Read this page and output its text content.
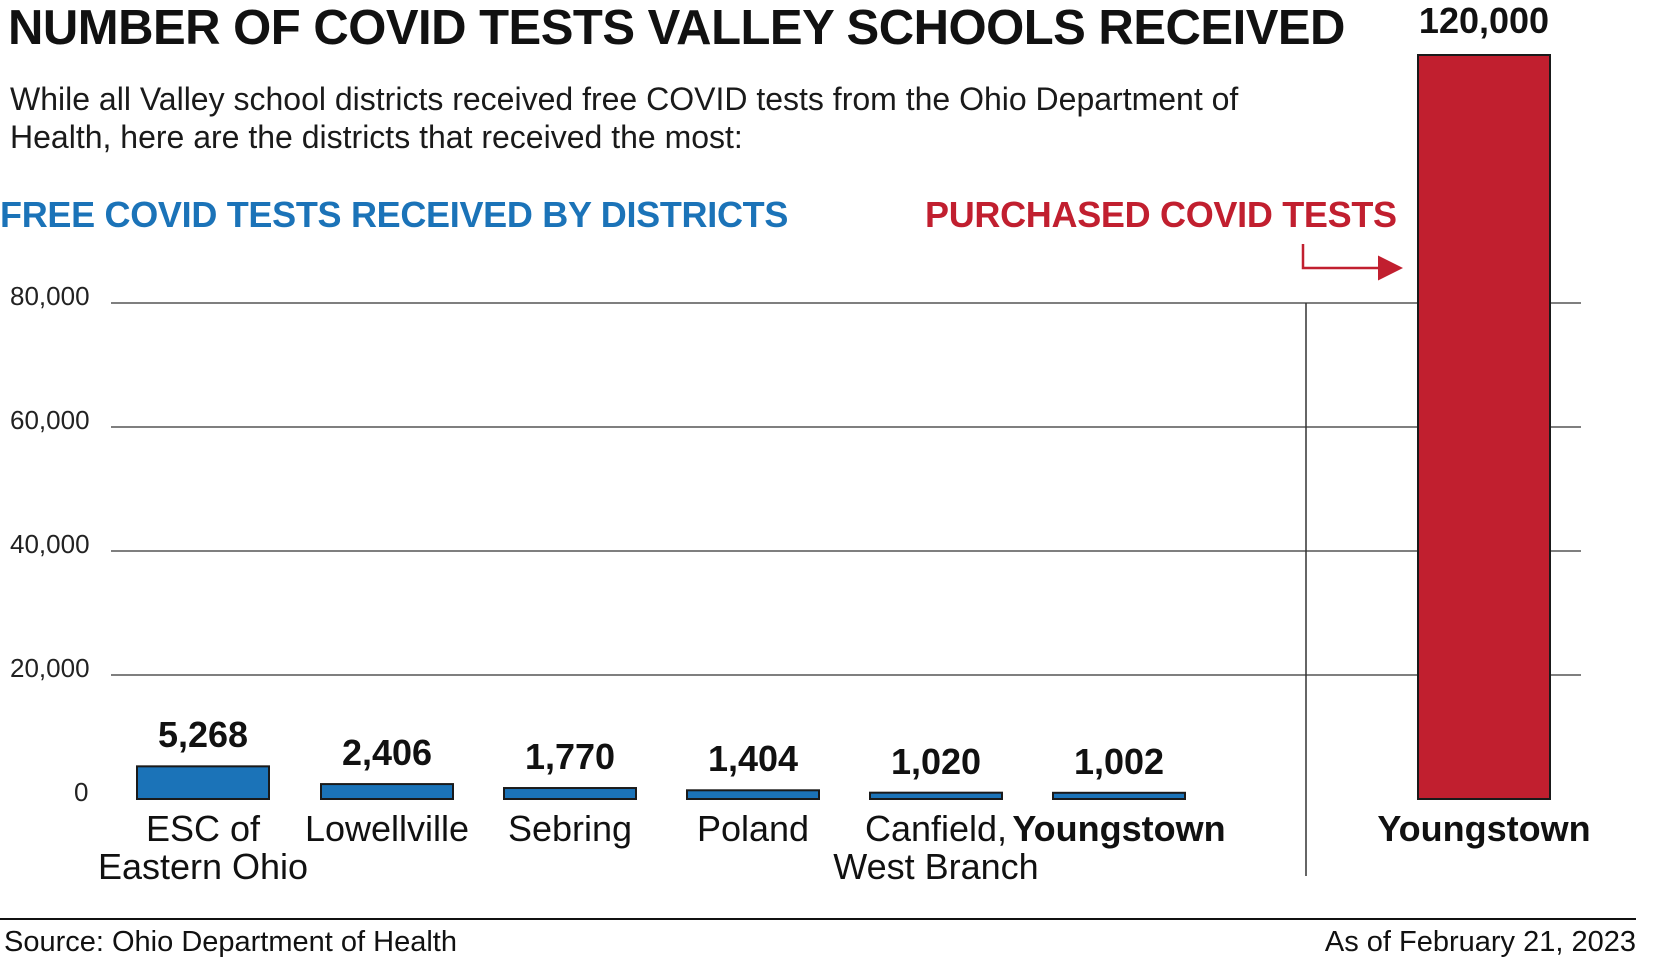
NUMBER OF COVID TESTS VALLEY SCHOOLS RECEIVED
While all Valley school districts received free COVID tests from the Ohio Department of Health, here are the districts that received the most:
FREE COVID TESTS RECEIVED BY DISTRICTS	PURCHASED COVID TESTS
0
20,000
40,000
60,000
80,000
5,268	2,406	1,770	1,404	1,020	1,002
120,000
ESC of
Eastern Ohio
Lowellville	Sebring	Poland	Canfield,
West Branch
Youngstown	Youngstown
Source: Ohio Department of Health	As of February 21, 2023
